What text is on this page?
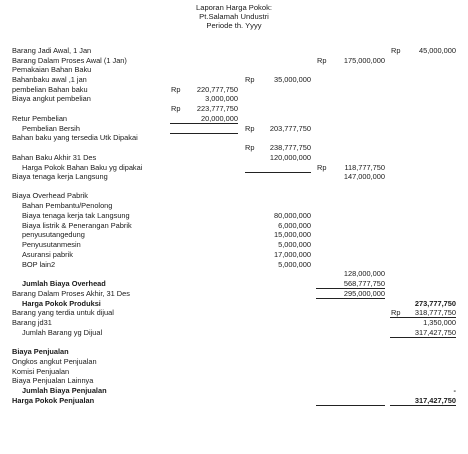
Laporan Harga Pokok:
Pt.Salamah Undustri
Periode th. Yyyy
Barang Jadi Awal, 1 Jan	Rp	45,000,000
Barang Dalam Proses Awal (1 Jan)	Rp	175,000,000
Pemakaian Bahan Baku
Bahanbaku awal ,1 jan	Rp	35,000,000
pembelian Bahan baku	Rp	220,777,750
Biaya angkut pembelian	3,000,000
Rp	223,777,750
Retur Pembelian	20,000,000
Pembelian Bersih	Rp	203,777,750
Bahan baku yang tersedia Utk Dipakai
Rp	238,777,750
Bahan Baku Akhir 31 Des	120,000,000
Harga Pokok Bahan Baku yg dipakai	Rp	118,777,750
Biaya tenaga kerja Langsung	147,000,000
Biaya Overhead Pabrik
Bahan Pembantu/Penolong
Biaya tenaga kerja tak Langsung	80,000,000
Biaya listrik & Penerangan Pabrik	6,000,000
penyusutangedung	15,000,000
Penyusutanmesin	5,000,000
Asuransi pabrik	17,000,000
BOP lain2	5,000,000
128,000,000
Jumlah Biaya Overhead	568,777,750
Barang Dalam Proses Akhir, 31 Des	295,000,000
Harga Pokok Produksi	273,777,750
Barang yang terdia untuk dijual	Rp	318,777,750
Barang jd31	1,350,000
Jumlah Barang yg Dijual	317,427,750
Biaya Penjualan
Ongkos angkut Penjualan
Komisi Penjualan
Biaya Penjualan Lainnya
Jumlah Biaya Penjualan	-
Harga Pokok Penjualan	317,427,750
